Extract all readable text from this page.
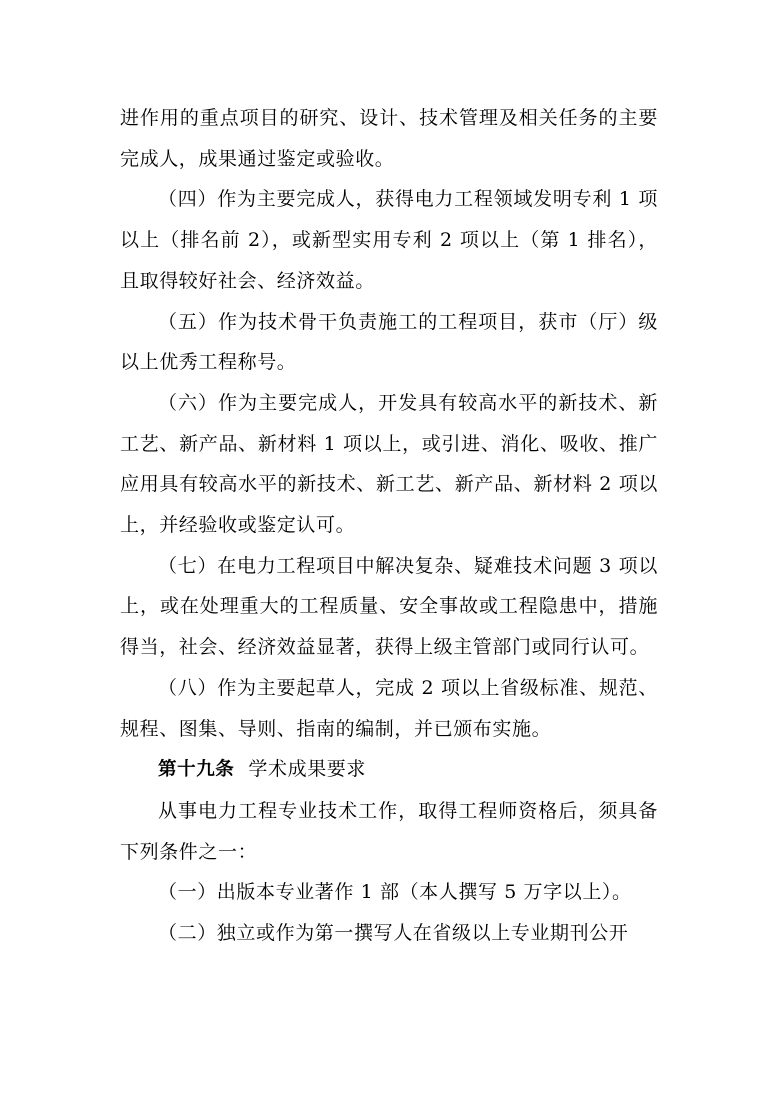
进作用的重点项目的研究、设计、技术管理及相关任务的主要完成人，成果通过鉴定或验收。

（四）作为主要完成人，获得电力工程领域发明专利 1 项以上（排名前 2），或新型实用专利 2 项以上（第 1 排名），且取得较好社会、经济效益。

（五）作为技术骨干负责施工的工程项目，获市（厅）级以上优秀工程称号。

（六）作为主要完成人，开发具有较高水平的新技术、新工艺、新产品、新材料 1 项以上，或引进、消化、吸收、推广应用具有较高水平的新技术、新工艺、新产品、新材料 2 项以上，并经验收或鉴定认可。

（七）在电力工程项目中解决复杂、疑难技术问题 3 项以上，或在处理重大的工程质量、安全事故或工程隐患中，措施得当，社会、经济效益显著，获得上级主管部门或同行认可。

（八）作为主要起草人，完成 2 项以上省级标准、规范、规程、图集、导则、指南的编制，并已颁布实施。

第十九条 学术成果要求

从事电力工程专业技术工作，取得工程师资格后，须具备下列条件之一：

（一）出版本专业著作 1 部（本人撰写 5 万字以上）。

（二）独立或作为第一撰写人在省级以上专业期刊公开
